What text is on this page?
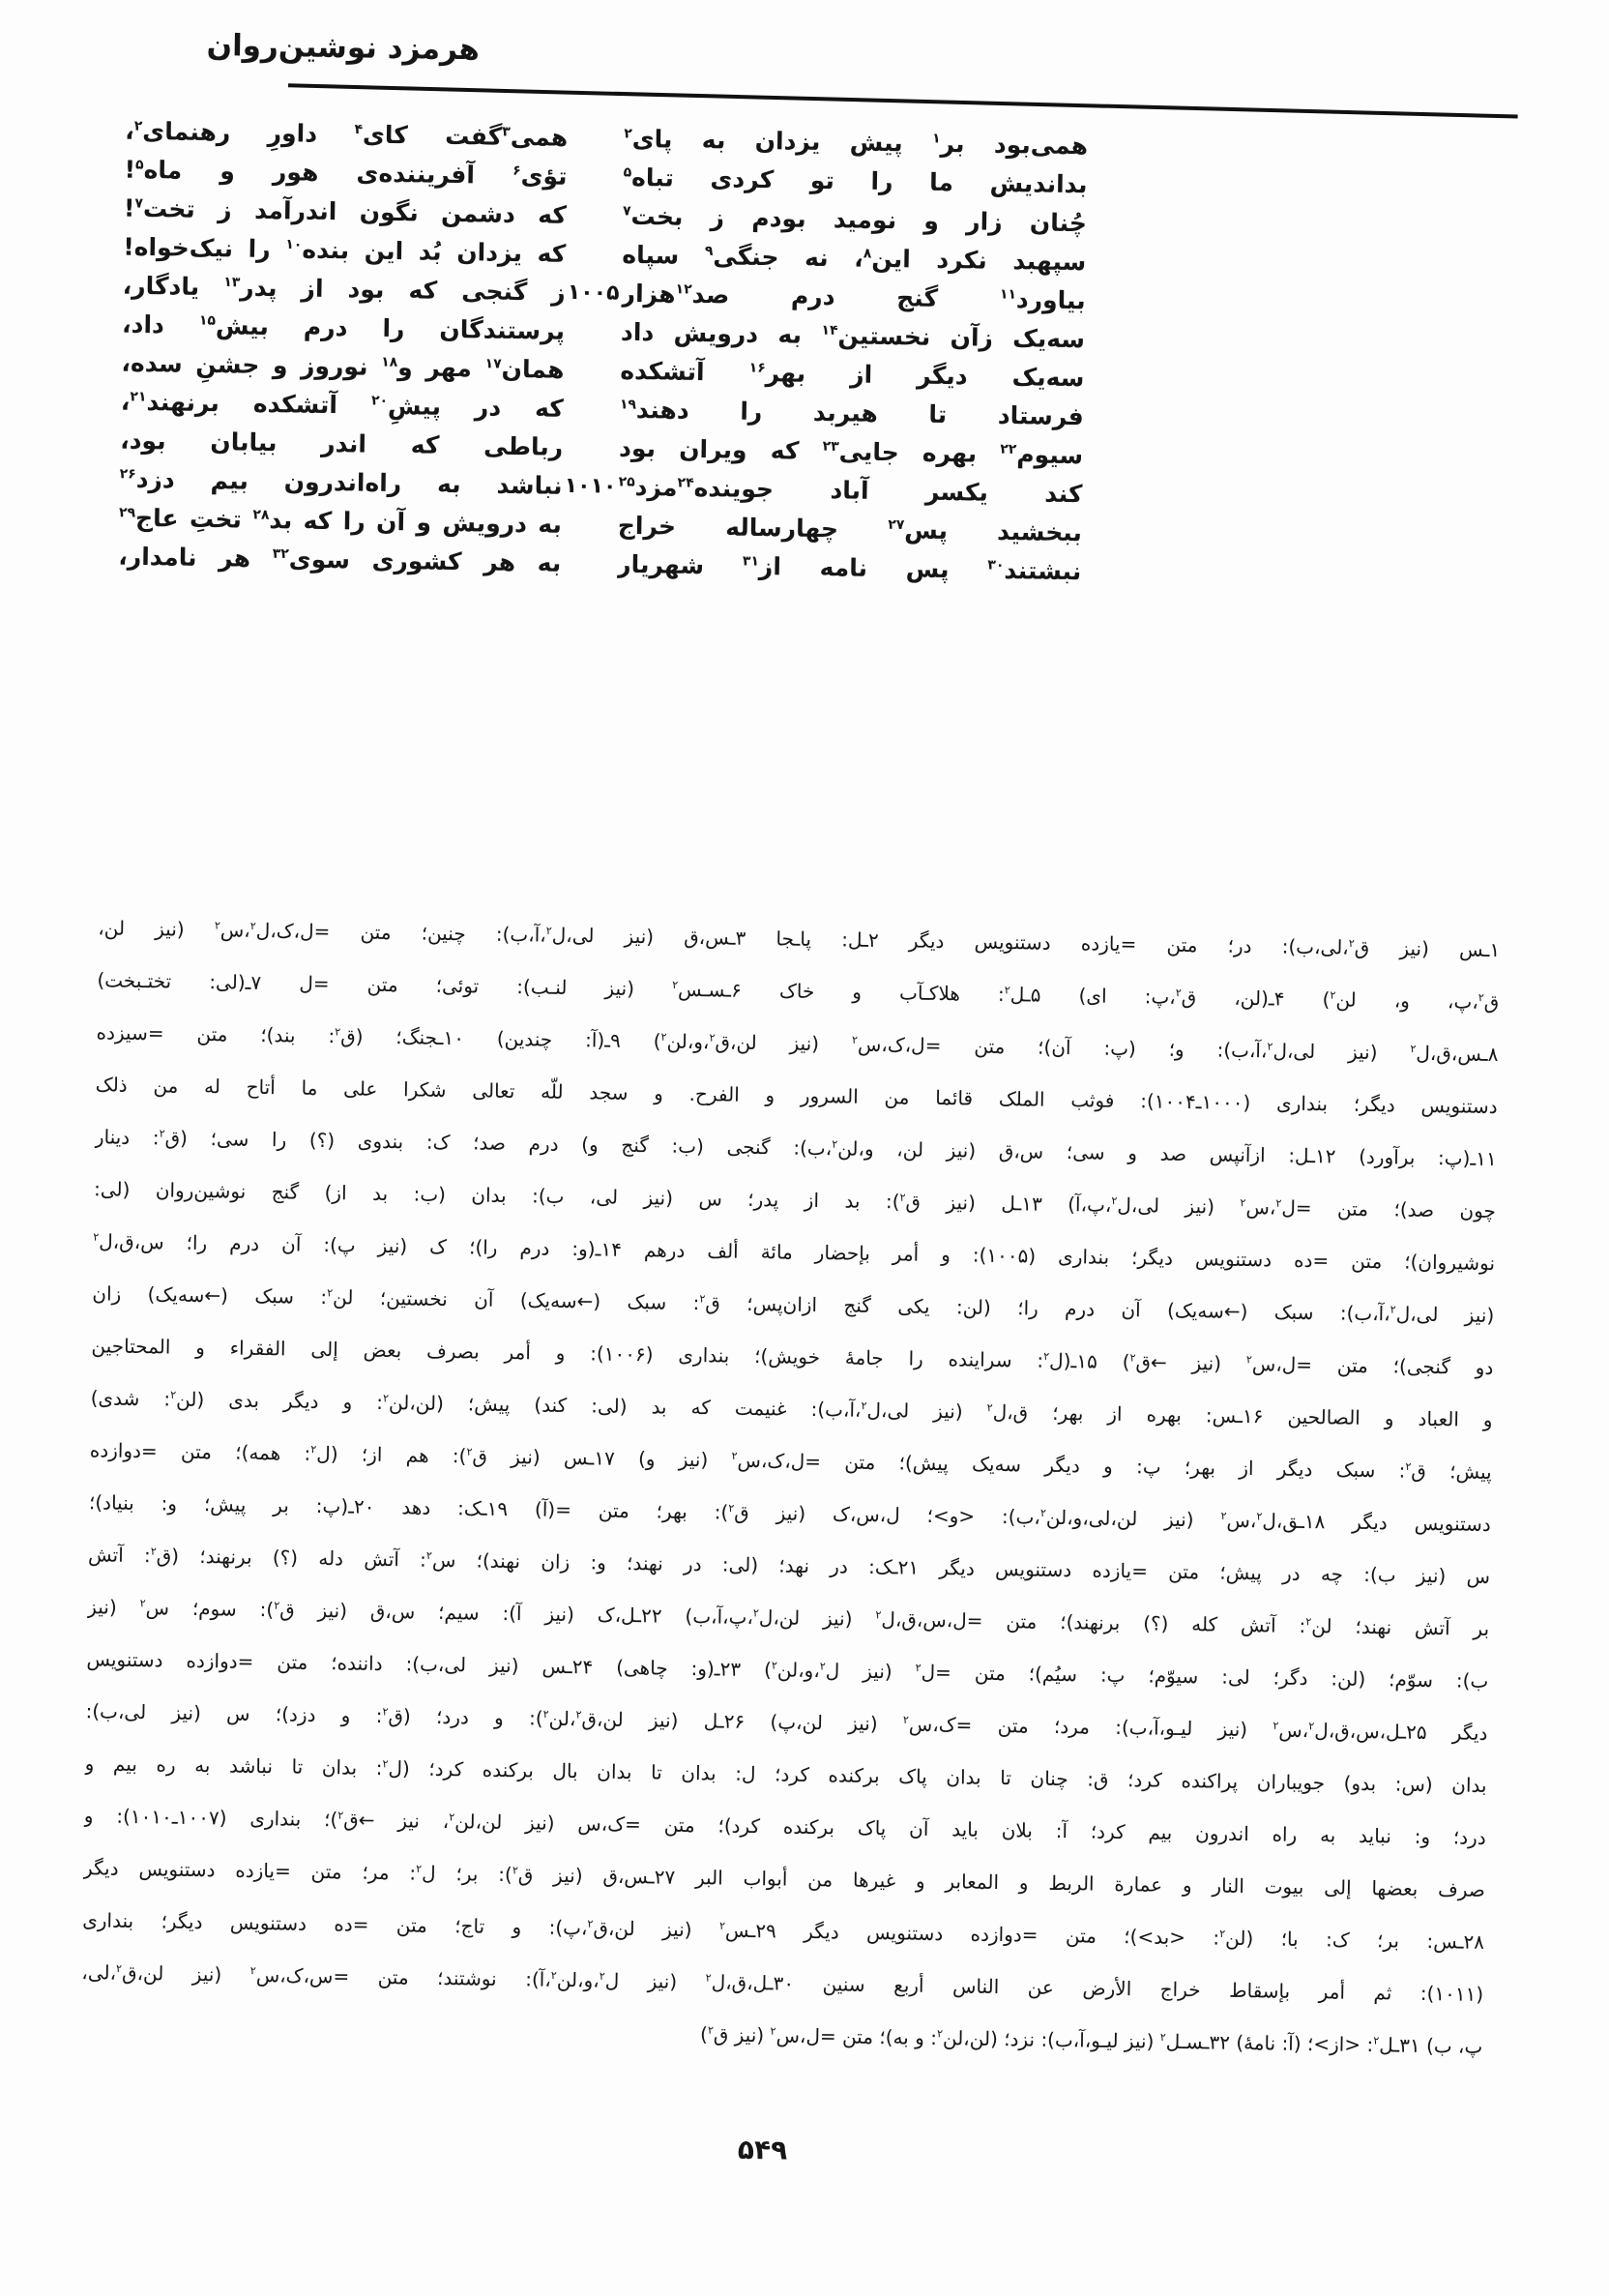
هرمزد نوشین‌روان
همی‌بود بر$^۱$ پیش یزدان به پای$^۲$
همی$^۳$گفت کای$^۴$ داورِ رهنمای$^۲$،
بداندیش ما را تو کردی تباه$^۵$
تؤی$^۶$ آفریننده‌ی هور و ماه$^۵$!
چُنان زار و نومید بودم ز بخت$^۷$
که دشمن نگون اندرآمد ز تخت$^۷$!
سپهبد نکرد این$^۸$، نه جنگی$^۹$ سپاه
که یزدان بُد این بنده$^{۱۰}$ را نیک‌خواه!
بیاورد$^{۱۱}$ گنج درم صد$^{۱۲}$هزار
۱۰۰۵
ز گنجی که بود از پدر$^{۱۳}$ یادگار،
سه‌یک زآن نخستین$^{۱۴}$ به درویش داد
پرستندگان را درم بیش$^{۱۵}$ داد،
سه‌یک دیگر از بهر$^{۱۶}$ آتشکده
همان$^{۱۷}$ مهر و$^{۱۸}$ نوروز و جشنِ سده،
فرستاد تا هیربد را دهند$^{۱۹}$
که در پیشِ$^{۲۰}$ آتشکده برنهند$^{۲۱}$،
سیوم$^{۲۲}$ بهره جایی$^{۲۳}$ که ویران بود
رباطی که اندر بیابان بود،
کند یکسر آباد جوینده$^{۲۴}$مزد$^{۲۵}$
۱۰۱۰
نباشد به راه‌اندرون بیم دزد$^{۲۶}$
ببخشید پس$^{۲۷}$ چهارساله خراج
به درویش و آن را که بد$^{۲۸}$ تختِ عاج$^{۲۹}$
نبشتند$^{۳۰}$ پس نامه از$^{۳۱}$ شهریار
به هر کشوری سوی$^{۳۲}$ هر نامدار،
۱ـس (نیز ق$^۲$،لی،ب): در؛ متن =یازده دستنویس دیگر ۲ـل: پاـجا ۳ـس،ق (نیز لی،ل$^۲$،آ،ب): چنین؛ متن =ل،ک،ل$^۲$،س$^۲$ (نیز لن،
ق$^۲$،پ، و، لن$^۲$) ۴ـ(لن، ق$^۲$،پ: ای) ۵ـل$^۲$: هلاکـآب و خاک ۶ـسـس$^۲$ (نیز لنـب): توئی؛ متن =ل ۷ـ(لی: تختـبخت)
۸ـس،ق،ل$^۲$ (نیز لی،ل$^۲$،آ،ب): و؛ (پ: آن)؛ متن =ل،ک،س$^۲$ (نیز لن،ق$^۲$،و،لن$^۲$) ۹ـ(آ: چندین) ۱۰ـجنگ؛ (ق$^۲$: بند)؛ متن =سیزده
دستنویس دیگر؛ بنداری (۱۰۰۰ـ۱۰۰۴): فوثب الملک قائما من السرور و الفرح. و سجد للّه تعالی شکرا علی ما أتاح له من ذلک
۱۱ـ(پ: برآورد) ۱۲ـل: ازآنپس صد و سی؛ س،ق (نیز لن، و،لن$^۲$،ب): گنجی (ب: گنج و) درم صد؛ ک: بندوی (؟) را سی؛ (ق$^۲$: دینار
چون صد)؛ متن =ل$^۲$،س$^۲$ (نیز لی،ل$^۲$،پ،آ) ۱۳ـل (نیز ق$^۲$): بد از پدر؛ س (نیز لی، ب): بدان (ب: بد از) گنج نوشین‌روان (لی:
نوشیروان)؛ متن =ده دستنویس دیگر؛ بنداری (۱۰۰۵): و أمر بإحضار مائة ألف درهم ۱۴ـ(و: درم را)؛ ک (نیز پ): آن درم را؛ س،ق،ل$^۲$
(نیز لی،ل$^۲$،آ،ب): سبک (←سه‌یک) آن درم را؛ (لن: یکی گنج ازان‌پس؛ ق$^۲$: سبک (←سه‌یک) آن نخستین؛ لن$^۲$: سبک (←سه‌یک) زان
دو گنجی)؛ متن =ل،س$^۲$ (نیز ←ق$^۲$) ۱۵ـ(ل$^۲$: سراینده را جامهٔ خویش)؛ بنداری (۱۰۰۶): و أمر بصرف بعض إلی الفقراء و المحتاجین
و العباد و الصالحین ۱۶ـس: بهره از بهر؛ ق،ل$^۲$ (نیز لی،ل$^۲$،آ،ب): غنیمت که بد (لی: کند) پیش؛ (لن،لن$^۲$: و دیگر بدی (لن$^۲$: شدی)
پیش؛ ق$^۲$: سبک دیگر از بهر؛ پ: و دیگر سه‌یک پیش)؛ متن =ل،ک،س$^۲$ (نیز و) ۱۷ـس (نیز ق$^۲$): هم از؛ (ل$^۲$: همه)؛ متن =دوازده
دستنویس دیگر ۱۸ـق،ل$^۲$،س$^۲$ (نیز لن،لی،و،لن$^۲$،ب): <و>؛ ل،س،ک (نیز ق$^۲$): بهر؛ متن =(آ) ۱۹ـک: دهد ۲۰ـ(پ: بر پیش؛ و: بنیاد)؛
س (نیز ب): چه در پیش؛ متن =یازده دستنویس دیگر ۲۱ـک: در نهد؛ (لی: در نهند؛ و: زان نهند)؛ س$^۲$: آتش دله (؟) برنهند؛ (ق$^۲$: آتش
بر آتش نهند؛ لن$^۲$: آتش کله (؟) برنهند)؛ متن =ل،س،ق،ل$^۲$ (نیز لن،ل$^۲$،پ،آ،ب) ۲۲ـل،ک (نیز آ): سیم؛ س،ق (نیز ق$^۲$): سوم؛ س$^۲$ (نیز
ب): سوّم؛ (لن: دگر؛ لی: سیوّم؛ پ: سیُم)؛ متن =ل$^۲$ (نیز ل$^۲$،و،لن$^۲$) ۲۳ـ(و: چاهی) ۲۴ـس (نیز لی،ب): داننده؛ متن =دوازده دستنویس
دیگر ۲۵ـل،س،ق،ل$^۲$،س$^۲$ (نیز لیـو،آ،ب): مرد؛ متن =ک،س$^۲$ (نیز لن،پ) ۲۶ـل (نیز لن،ق$^۲$،لن$^۲$): و درد؛ (ق$^۲$: و دزد)؛ س (نیز لی،ب):
بدان (س: بدو) جویباران پراکنده کرد؛ ق: چنان تا بدان پاک برکنده کرد؛ ل: بدان تا بدان بال برکنده کرد؛ (ل$^۲$: بدان تا نباشد به ره بیم و
درد؛ و: نباید به راه اندرون بیم کرد؛ آ: بلان باید آن پاک برکنده کرد)؛ متن =ک،س (نیز لن،لن$^۲$، نیز ←ق$^۲$)؛ بنداری (۱۰۰۷ـ۱۰۱۰): و
صرف بعضها إلی بیوت النار و عمارة الربط و المعابر و غیرها من أبواب البر ۲۷ـس،ق (نیز ق$^۲$): بر؛ ل$^۲$: مر؛ متن =یازده دستنویس دیگر
۲۸ـس: بر؛ ک: با؛ (لن$^۲$: <بد>)؛ متن =دوازده دستنویس دیگر ۲۹ـس$^۲$ (نیز لن،ق$^۲$،پ): و تاج؛ متن =ده دستنویس دیگر؛ بنداری
(۱۰۱۱): ثم أمر بإسقاط خراج الأرض عن الناس أربع سنین ۳۰ـل،ق،ل$^۲$ (نیز ل$^۲$،و،لن$^۲$،آ): نوشتند؛ متن =س،ک،س$^۲$ (نیز لن،ق$^۲$،لی،
پ، ب) ۳۱ـل$^۲$: <از>؛ (آ: نامهٔ) ۳۲ـسـل$^۲$ (نیز لیـو،آ،ب): نزد؛ (لن،لن$^۲$: و به)؛ متن =ل،س$^۲$ (نیز ق$^۲$)
۵۴۹
